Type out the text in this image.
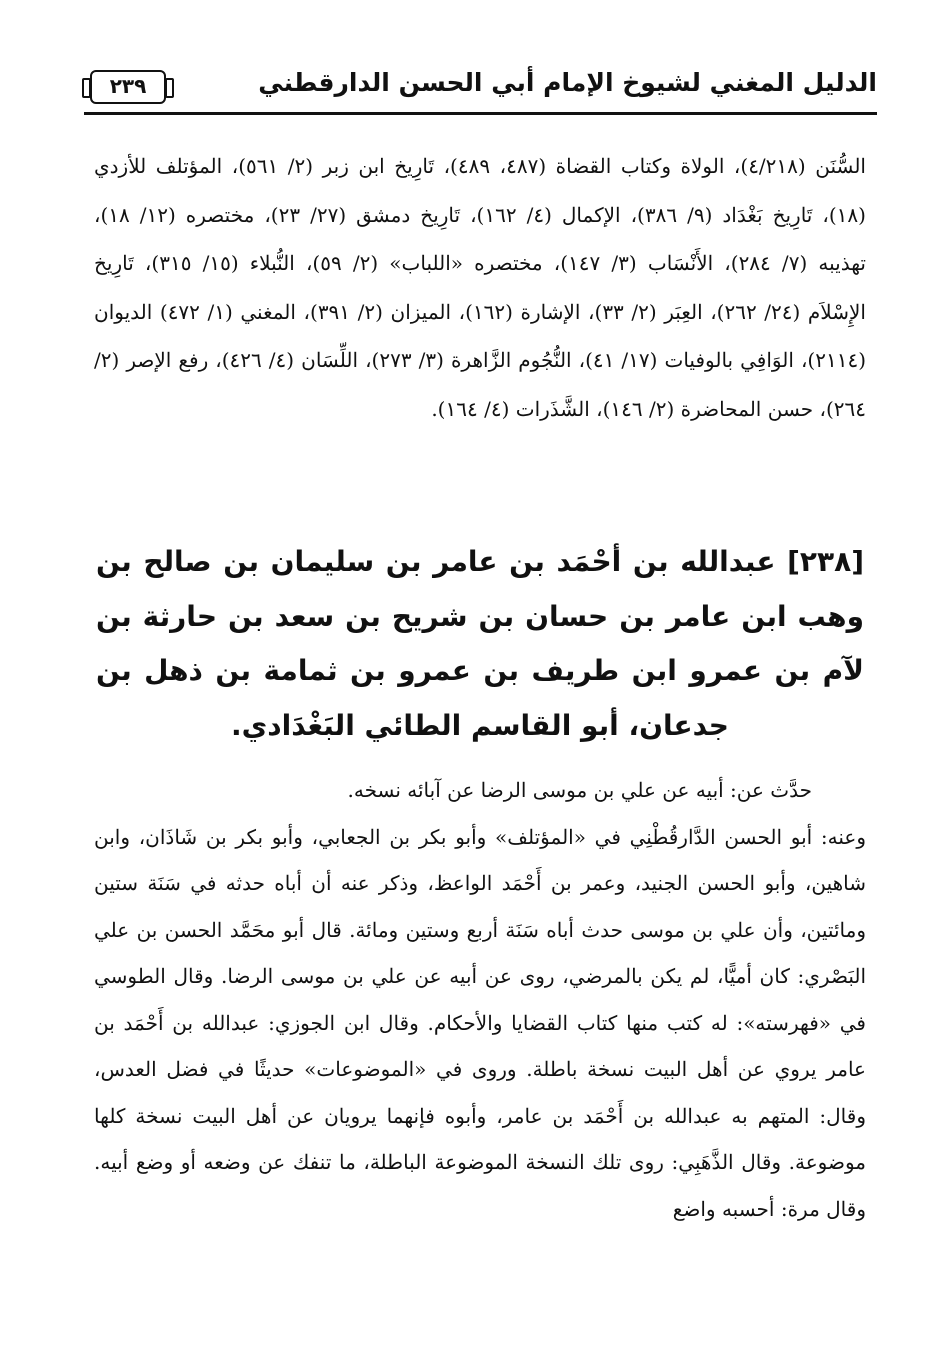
الدليل المغني لشيوخ الإمام أبي الحسن الدارقطني
٢٣٩

السُّنَن (٤/٢١٨)، الولاة وكتاب القضاة (٤٨٧، ٤٨٩)، تَارِيخ ابن زبر (٢/ ٥٦١)، المؤتلف للأزدي (١٨)، تَارِيخ بَغْدَاد (٩/ ٣٨٦)، الإكمال (٤/ ١٦٢)، تَارِيخ دمشق (٢٧/ ٢٣)، مختصره (١٢/ ١٨)، تهذيبه (٧/ ٢٨٤)، الأَنْسَاب (٣/ ١٤٧)، مختصره «اللباب» (٢/ ٥٩)، النُّبلاء (١٥/ ٣١٥)، تَارِيخ الإِسْلاَم (٢٤/ ٢٦٢)، العِبَر (٢/ ٣٣)، الإشارة (١٦٢)، الميزان (٢/ ٣٩١)، المغني (١/ ٤٧٢) الديوان (٢١١٤)، الوَافِي بالوفيات (١٧/ ٤١)، النُّجُوم الزَّاهرة (٣/ ٢٧٣)، اللِّسَان (٤/ ٤٢٦)، رفع الإصر (٢/ ٢٦٤)، حسن المحاضرة (٢/ ١٤٦)، الشَّذَرات (٤/ ١٦٤).

[٢٣٨] عبدالله بن أحْمَد بن عامر بن سليمان بن صالح بن وهب ابن عامر بن حسان بن شريح بن سعد بن حارثة بن لآم بن عمرو ابن طريف بن عمرو بن ثمامة بن ذهل بن جدعان، أبو القاسم الطائي البَغْدَادي.

حدَّث عن: أبيه عن علي بن موسى الرضا عن آبائه نسخه.

وعنه: أبو الحسن الدَّارقُطْنِي في «المؤتلف» وأبو بكر بن الجعابي، وأبو بكر بن شَاذَان، وابن شاهين، وأبو الحسن الجنيد، وعمر بن أَحْمَد الواعظ، وذكر عنه أن أباه حدثه في سَنَة ستين ومائتين، وأن علي بن موسى حدث أباه سَنَة أربع وستين ومائة. قال أبو محَمَّد الحسن بن علي البَصْري: كان أميًّا، لم يكن بالمرضي، روى عن أبيه عن علي بن موسى الرضا. وقال الطوسي في «فهرسته»: له كتب منها كتاب القضايا والأحكام. وقال ابن الجوزي: عبدالله بن أَحْمَد بن عامر يروي عن أهل البيت نسخة باطلة. وروى في «الموضوعات» حديثًا في فضل العدس، وقال: المتهم به عبدالله بن أَحْمَد بن عامر، وأبوه فإنهما يرويان عن أهل البيت نسخة كلها موضوعة. وقال الذَّهَبِي: روى تلك النسخة الموضوعة الباطلة، ما تنفك عن وضعه أو وضع أبيه. وقال مرة: أحسبه واضع
